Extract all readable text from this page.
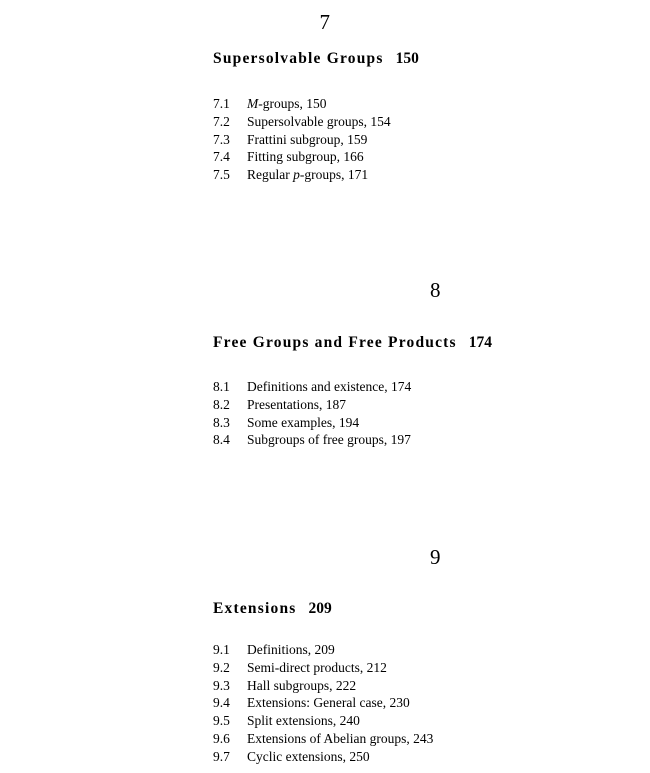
7
Supersolvable Groups 150
7.1	M-groups, 150
7.2	Supersolvable groups, 154
7.3	Frattini subgroup, 159
7.4	Fitting subgroup, 166
7.5	Regular p-groups, 171
8
Free Groups and Free Products 174
8.1	Definitions and existence, 174
8.2	Presentations, 187
8.3	Some examples, 194
8.4	Subgroups of free groups, 197
9
Extensions 209
9.1	Definitions, 209
9.2	Semi-direct products, 212
9.3	Hall subgroups, 222
9.4	Extensions: General case, 230
9.5	Split extensions, 240
9.6	Extensions of Abelian groups, 243
9.7	Cyclic extensions, 250
